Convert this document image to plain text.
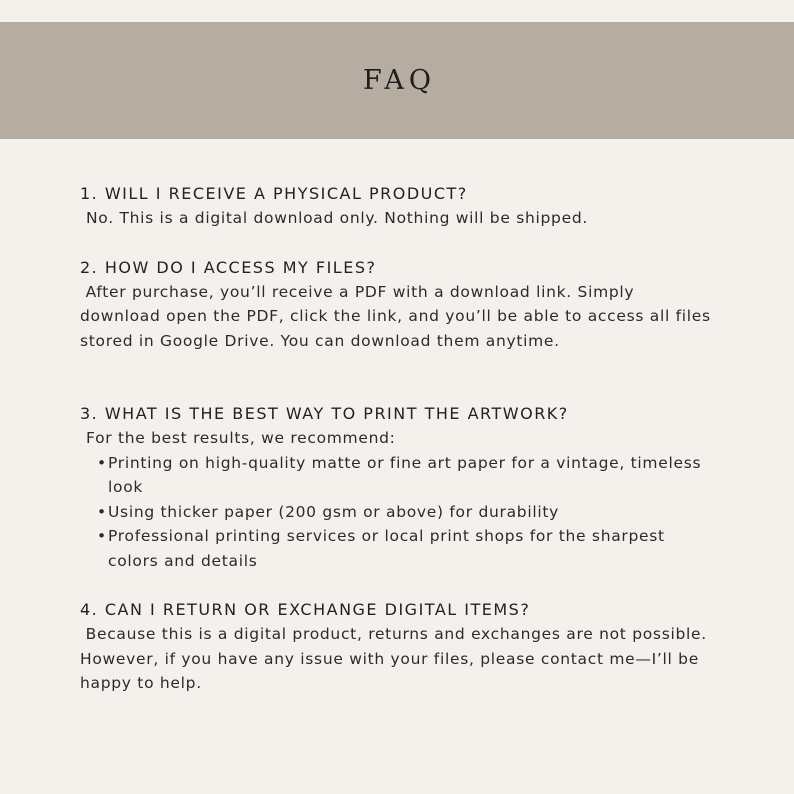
FAQ
1. WILL I RECEIVE A PHYSICAL PRODUCT?
No. This is a digital download only. Nothing will be shipped.
2. HOW DO I ACCESS MY FILES?
After purchase, you’ll receive a PDF with a download link. Simply download open the PDF, click the link, and you’ll be able to access all files stored in Google Drive. You can download them anytime.
3. WHAT IS THE BEST WAY TO PRINT THE ARTWORK?
For the best results, we recommend:
• Printing on high-quality matte or fine art paper for a vintage, timeless look
• Using thicker paper (200 gsm or above) for durability
• Professional printing services or local print shops for the sharpest colors and details
4. CAN I RETURN OR EXCHANGE DIGITAL ITEMS?
Because this is a digital product, returns and exchanges are not possible. However, if you have any issue with your files, please contact me—I’ll be happy to help.
